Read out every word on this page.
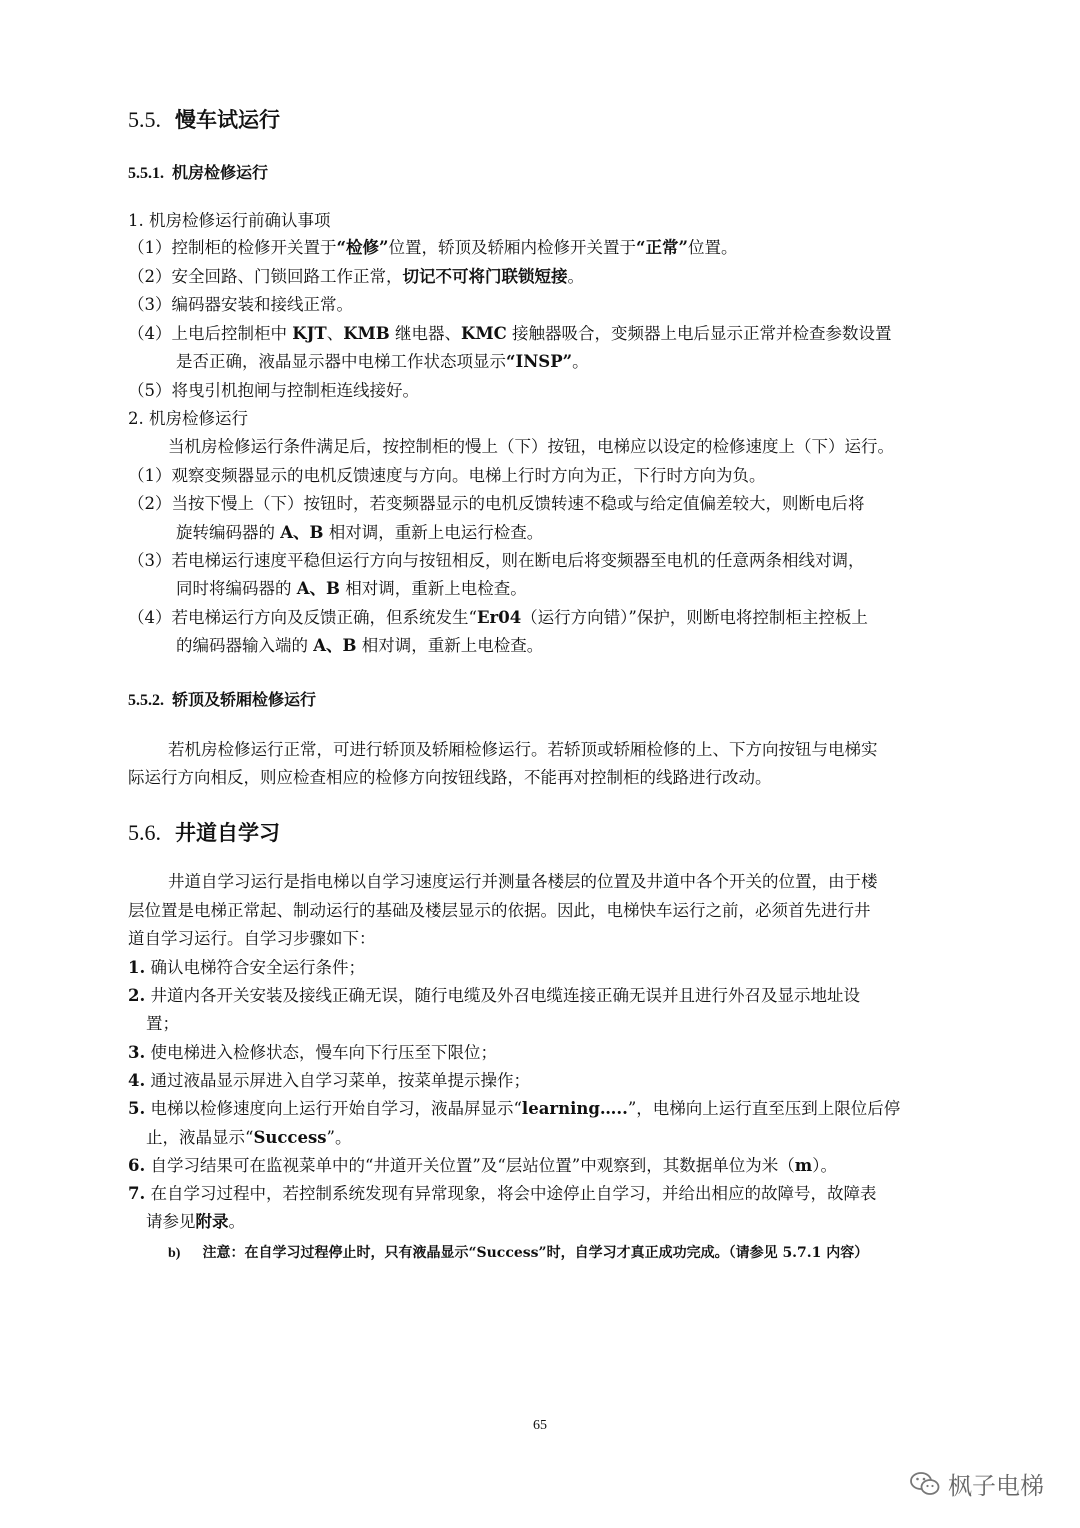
5.5. 慢车试运行
5.5.1. 机房检修运行
1. 机房检修运行前确认事项
（1）控制柜的检修开关置于“检修”位置，轿顶及轿厢内检修开关置于“正常”位置。
（2）安全回路、门锁回路工作正常，切记不可将门联锁短接。
（3）编码器安装和接线正常。
（4）上电后控制柜中 KJT、KMB 继电器、KMC 接触器吸合，变频器上电后显示正常并检查参数设置
是否正确，液晶显示器中电梯工作状态项显示“INSP”。
（5）将曳引机抱闸与控制柜连线接好。
2. 机房检修运行
当机房检修运行条件满足后，按控制柜的慢上（下）按钮，电梯应以设定的检修速度上（下）运行。
（1）观察变频器显示的电机反馈速度与方向。电梯上行时方向为正，下行时方向为负。
（2）当按下慢上（下）按钮时，若变频器显示的电机反馈转速不稳或与给定值偏差较大，则断电后将
旋转编码器的 A、B 相对调，重新上电运行检查。
（3）若电梯运行速度平稳但运行方向与按钮相反，则在断电后将变频器至电机的任意两条相线对调，
同时将编码器的 A、B 相对调，重新上电检查。
（4）若电梯运行方向及反馈正确，但系统发生“Er04（运行方向错）”保护，则断电将控制柜主控板上
的编码器输入端的 A、B 相对调，重新上电检查。
5.5.2. 轿顶及轿厢检修运行
若机房检修运行正常，可进行轿顶及轿厢检修运行。若轿顶或轿厢检修的上、下方向按钮与电梯实
际运行方向相反，则应检查相应的检修方向按钮线路，不能再对控制柜的线路进行改动。
5.6. 井道自学习
井道自学习运行是指电梯以自学习速度运行并测量各楼层的位置及井道中各个开关的位置，由于楼
层位置是电梯正常起、制动运行的基础及楼层显示的依据。因此，电梯快车运行之前，必须首先进行井
道自学习运行。自学习步骤如下：
1. 确认电梯符合安全运行条件；
2. 井道内各开关安装及接线正确无误，随行电缆及外召电缆连接正确无误并且进行外召及显示地址设
置；
3. 使电梯进入检修状态，慢车向下行压至下限位；
4. 通过液晶显示屏进入自学习菜单，按菜单提示操作；
5. 电梯以检修速度向上运行开始自学习，液晶屏显示“learning…..”，电梯向上运行直至压到上限位后停
止，液晶显示“Success”。
6. 自学习结果可在监视菜单中的“井道开关位置”及“层站位置”中观察到，其数据单位为米（m）。
7. 在自学习过程中，若控制系统发现有异常现象，将会中途停止自学习，并给出相应的故障号，故障表
请参见附录。
b) 注意：在自学习过程停止时，只有液晶显示“Success”时，自学习才真正成功完成。（请参见 5.7.1 内容）
65
枫子电梯
